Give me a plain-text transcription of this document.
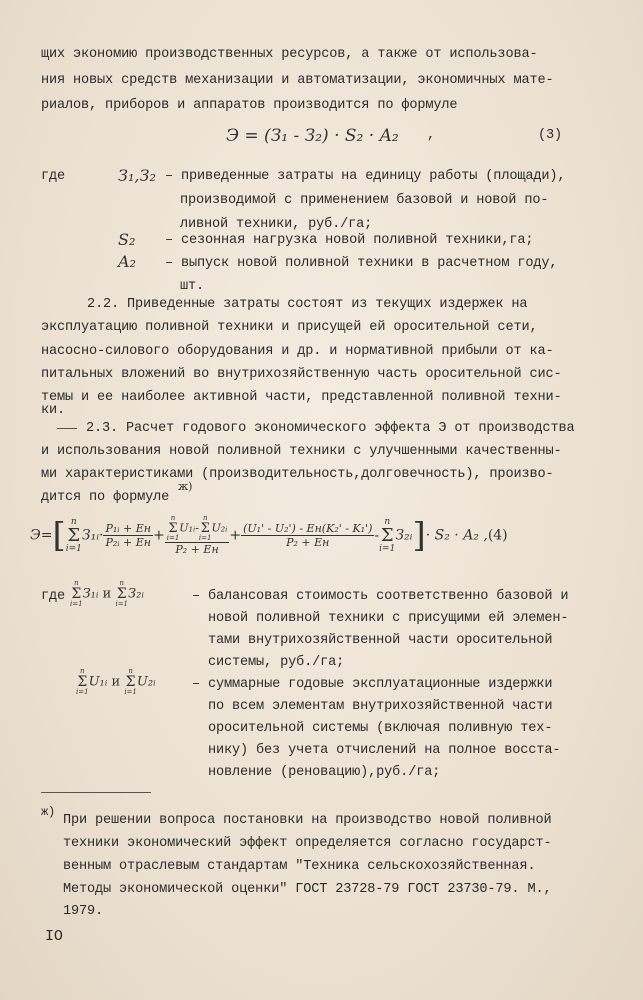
щих экономию производственных ресурсов, а также от использова-
ния новых средств механизации и автоматизации, экономичных мате-
риалов, приборов и аппаратов производится по формуле
Э = (З₁ - З₂) · S₂ · A₂ ,	(3)
где	З₁,З₂ – приведенные затраты на единицу работы (площади),
производимой с применением базовой и новой по-
ливной техники, руб./га;
S₂ – сезонная нагрузка новой поливной техники,га;
A₂ – выпуск новой поливной техники в расчетном году,
шт.
2.2. Приведенные затраты состоят из текущих издержек на
эксплуатацию поливной техники и присущей ей оросительной сети,
насосно-силового оборудования и др. и нормативной прибыли от ка-
питальных вложений во внутрихозяйственную часть оросительной сис-
темы и ее наиболее активной части, представленной поливной техни-
ки.
2.3. Расчет годового экономического эффекта Э от производства
и использования новой поливной техники с улучшенными качественны-
ми характеристиками (производительность,долговечность), произво-
дится по формуле
ж)
Э=[ n
Σ
i=1З₁ᵢ· $\frac{\text{P₁ᵢ + Eн}}{\text{P₂ᵢ + Eн}} + n$
Σ
i=1U₁ᵢ-n
Σ
i=1U₂ᵢ
P₂ + Eн + $\frac{\text{(U₁' - U₂') - Eн(K₂' - K₁')}}{\text{P₂ + Eн}} -n$
Σ
i=1З₂ᵢ]· S₂ · A₂ ,(4)
где
n
Σ
i=1З₁ᵢ и n
Σ
i=1З₂ᵢ	– балансовая стоимость соответственно базовой и
новой поливной техники с присущими ей элемен-
тами внутрихозяйственной части оросительной
системы, руб./га;
n
Σ
i=1U₁ᵢ и n
Σ
i=1U₂ᵢ	– суммарные годовые эксплуатационные издержки
по всем элементам внутрихозяйственной части
оросительной системы (включая поливную тех-
нику) без учета отчислений на полное восста-
новление (реновацию),руб./га;
ж)
При решении вопроса постановки на производство новой поливной
техники экономический эффект определяется согласно государст-
венным отраслевым стандартам "Техника сельскохозяйственная.
Методы экономической оценки" ГОСТ 23728-79 ГОСТ 23730-79. М.,
1979.
IO
